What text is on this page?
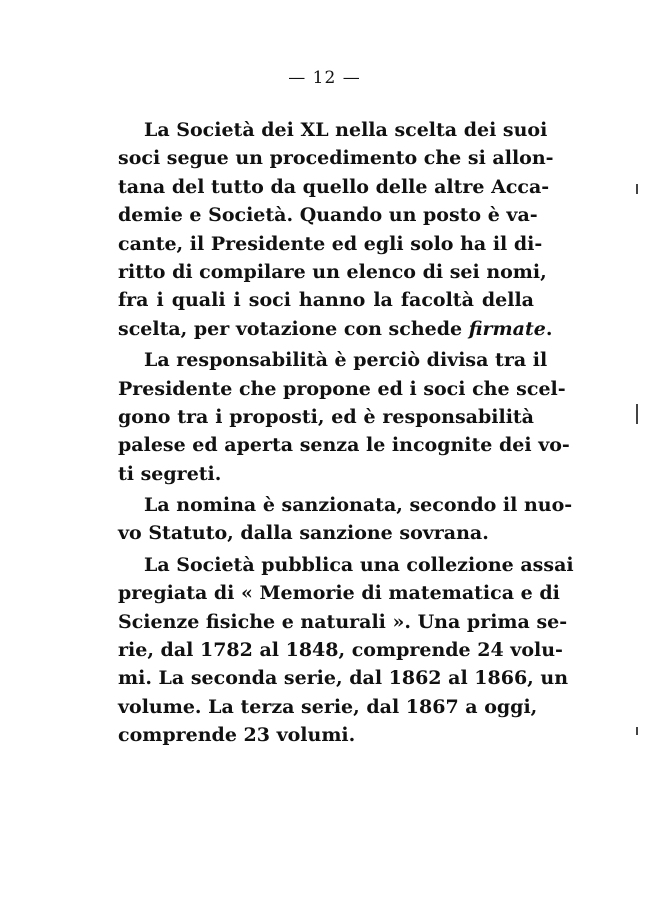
— 12 —
La Società dei XL nella scelta dei suoi
soci segue un procedimento che si allon-
tana del tutto da quello delle altre Acca-
demie e Società. Quando un posto è va-
cante, il Presidente ed egli solo ha il di-
ritto di compilare un elenco di sei nomi,
fra i quali i soci hanno la facoltà della
scelta, per votazione con schede firmate.
La responsabilità è perciò divisa tra il
Presidente che propone ed i soci che scel-
gono tra i proposti, ed è responsabilità
palese ed aperta senza le incognite dei vo-
ti segreti.
La nomina è sanzionata, secondo il nuo-
vo Statuto, dalla sanzione sovrana.
La Società pubblica una collezione assai
pregiata di « Memorie di matematica e di
Scienze fisiche e naturali ». Una prima se-
rie, dal 1782 al 1848, comprende 24 volu-
mi. La seconda serie, dal 1862 al 1866, un
volume. La terza serie, dal 1867 a oggi,
comprende 23 volumi.
